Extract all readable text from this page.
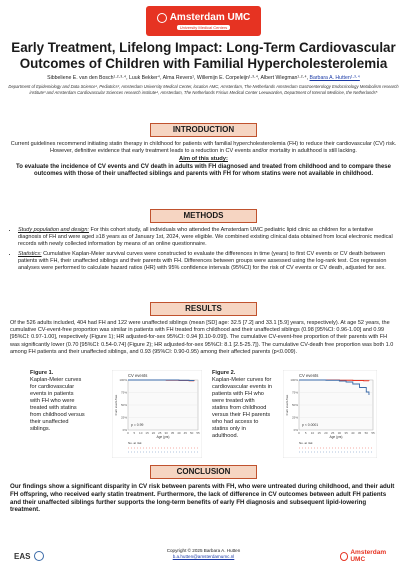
Amsterdam UMC
University Medical Centers
Early Treatment, Lifelong Impact: Long-Term Cardiovascular
Outcomes of Children with Familial Hypercholesterolemia
Sibbeliene E. van den Bosch¹·²·³·⁴, Luuk Bekker⁴, Alma Revers¹, Willemijn E. Corpeleijn¹·³·⁴, Albert Wiegman¹·²·⁴, Barbara A. Hutten¹·³·⁴
Department of Epidemiology and Data Science¹, Pediatrics², Amsterdam University Medical Center, location AMC, Amsterdam, The Netherlands Amsterdam Gastroenterology Endocrinology Metabolism research institute³ and Amsterdam Cardiovascular Sciences research institute⁴, Amsterdam, The Netherlands Frisius Medical Center Leeuwarden, Department of Internal Medicine, the Netherlands⁵
INTRODUCTION
Current guidelines recommend initiating statin therapy in childhood for patients with familial hypercholesterolemia (FH) to reduce their cardiovascular (CV) risk. However, definitive evidence that early treatment leads to a reduction in CV events and/or mortality in adulthood is still lacking.
Aim of this study:
To evaluate the incidence of CV events and CV death in adults with FH diagnosed and treated from childhood and to compare these outcomes with those of their unaffected siblings and parents with FH for whom statins were not available in childhood.
METHODS
• Study population and design: For this cohort study, all individuals who attended the Amsterdam UMC pediatric lipid clinic as children for a tentative diagnosis of FH and were aged ≥18 years as of January 1st, 2024, were eligible. We combined existing clinical data obtained from local electronic medical records with newly collected information by means of an online questionnaire.
• Statistics: Cumulative Kaplan-Meier survival curves were constructed to evaluate the differences in time (years) to first CV events or CV death between patients with FH, their unaffected siblings and their parents with FH. Differences between groups were assessed using the log-rank test. Cox regression analyses were performed to calculate hazard ratios (HR) with 95% confidence intervals (95%CI) for the risk of CV events or CV death, adjusted for sex.
RESULTS
Of the 526 adults included, 404 had FH and 122 were unaffected siblings (mean [SD] age: 32.5 [7.2] and 33.1 [5.9] years, respectively). At age 52 years, the cumulative CV-event-free proportion was similar in patients with FH treated from childhood and their unaffected siblings (0.98 [95%CI: 0.96-1.00] and 0.99 [95%CI: 0.97-1.00], respectively (Figure 1); HR adjusted-for-sex 95%CI: 0.94 [0.10-9.09]). The cumulative CV-event-free proportion of their parents with FH was significantly lower (0.70 [95%CI: 0.54-0.74] (Figure 2); HR adjusted-for-sex 95%CI: 8.1 [2.5-25.7]). The cumulative CV-death free proportion was both 1.0 among FH patients and their unaffected siblings, and 0.93 (95%CI: 0.90-0.95) among their affected parents (p<0.009).
Figure 1.
Kaplan-Meier curves for cardiovascular events in patients with FH who were treated with statins from childhood versus their unaffected siblings.
CV events
0%
25%
50%
75%
100%
0 5 10 15 20 25 30 35 40 45 50 55
Age (yrs)
Cum event-free
p = 0.99
No. at risk
Figure 2.
Kaplan-Meier curves for cardiovascular events in patients with FH who were treated with statins from childhood versus their FH parents who had access to statins only in adulthood.
CV events
0%
25%
50%
75%
100%
0 5 10 15 20 25 30 35 40 45 50 55
Age (yrs)
Cum event-free
p < 0.0001
No. at risk
CONCLUSION
Our findings show a significant disparity in CV risk between parents with FH, who were untreated during childhood, and their adult FH offspring, who received early statin treatment. Furthermore, the lack of difference in CV outcomes between adult FH patients and their unaffected siblings further supports the long-term benefits of early FH diagnosis and subsequent lipid-lowering treatment.
EAS
Copyright © 2025 Barbara A. Hutten
b.a.hutten@amsterdamumc.nl
Amsterdam UMC
